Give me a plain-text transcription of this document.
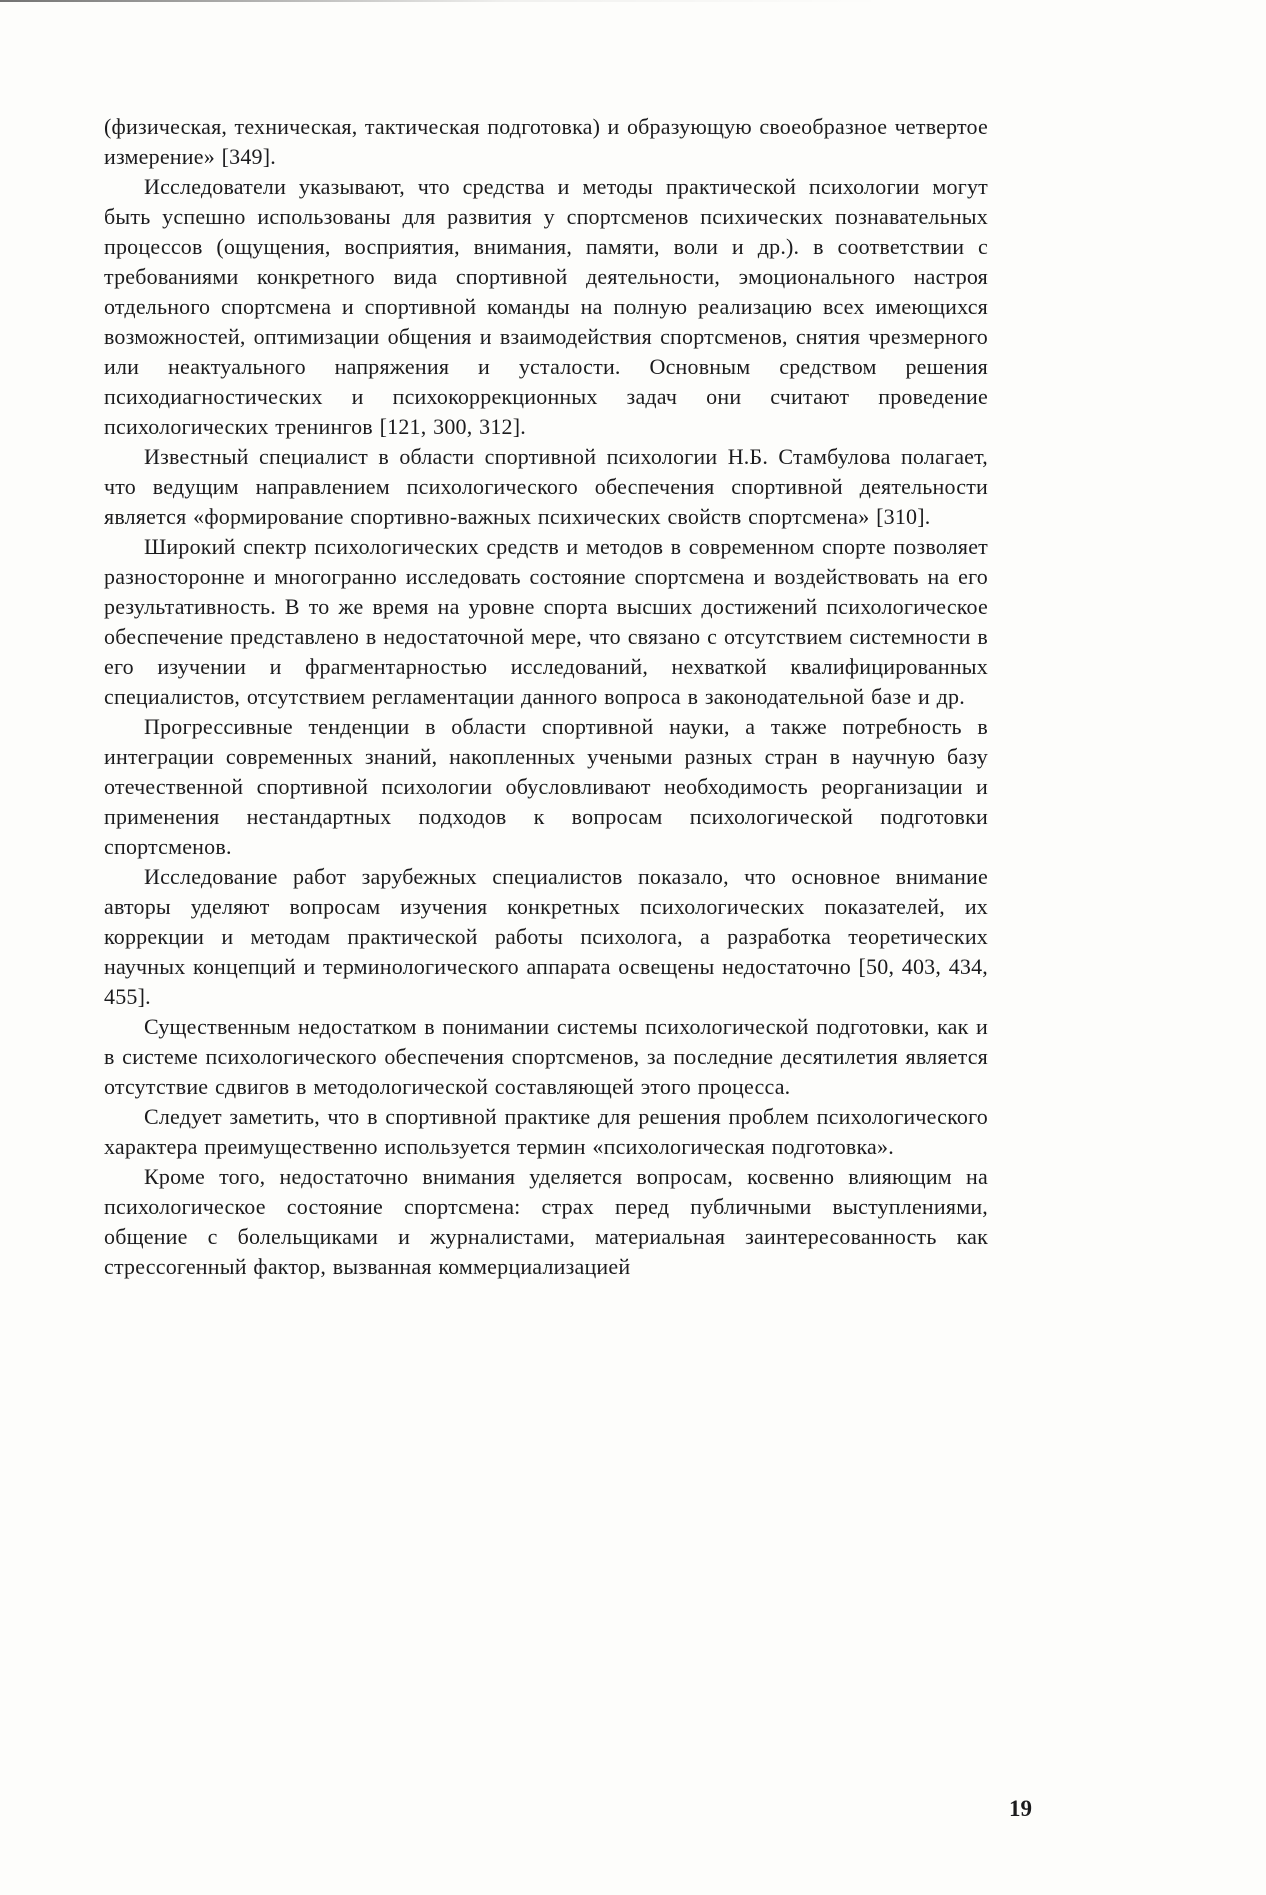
(физическая, техническая, тактическая подготовка) и образующую своеобразное четвертое измерение» [349].

Исследователи указывают, что средства и методы практической психологии могут быть успешно использованы для развития у спортсменов психических познавательных процессов (ощущения, восприятия, внимания, памяти, воли и др.). в соответствии с требованиями конкретного вида спортивной деятельности, эмоционального настроя отдельного спортсмена и спортивной команды на полную реализацию всех имеющихся возможностей, оптимизации общения и взаимодействия спортсменов, снятия чрезмерного или неактуального напряжения и усталости. Основным средством решения психодиагностических и психокоррекционных задач они считают проведение психологических тренингов [121, 300, 312].

Известный специалист в области спортивной психологии Н.Б. Стамбулова полагает, что ведущим направлением психологического обеспечения спортивной деятельности является «формирование спортивно-важных психических свойств спортсмена» [310].

Широкий спектр психологических средств и методов в современном спорте позволяет разносторонне и многогранно исследовать состояние спортсмена и воздействовать на его результативность. В то же время на уровне спорта высших достижений психологическое обеспечение представлено в недостаточной мере, что связано с отсутствием системности в его изучении и фрагментарностью исследований, нехваткой квалифицированных специалистов, отсутствием регламентации данного вопроса в законодательной базе и др.

Прогрессивные тенденции в области спортивной науки, а также потребность в интеграции современных знаний, накопленных учеными разных стран в научную базу отечественной спортивной психологии обусловливают необходимость реорганизации и применения нестандартных подходов к вопросам психологической подготовки спортсменов.

Исследование работ зарубежных специалистов показало, что основное внимание авторы уделяют вопросам изучения конкретных психологических показателей, их коррекции и методам практической работы психолога, а разработка теоретических научных концепций и терминологического аппарата освещены недостаточно [50, 403, 434, 455].

Существенным недостатком в понимании системы психологической подготовки, как и в системе психологического обеспечения спортсменов, за последние десятилетия является отсутствие сдвигов в методологической составляющей этого процесса.

Следует заметить, что в спортивной практике для решения проблем психологического характера преимущественно используется термин «психологическая подготовка».

Кроме того, недостаточно внимания уделяется вопросам, косвенно влияющим на психологическое состояние спортсмена: страх перед публичными выступлениями, общение с болельщиками и журналистами, материальная заинтересованность как стрессогенный фактор, вызванная коммерциализацией

19
